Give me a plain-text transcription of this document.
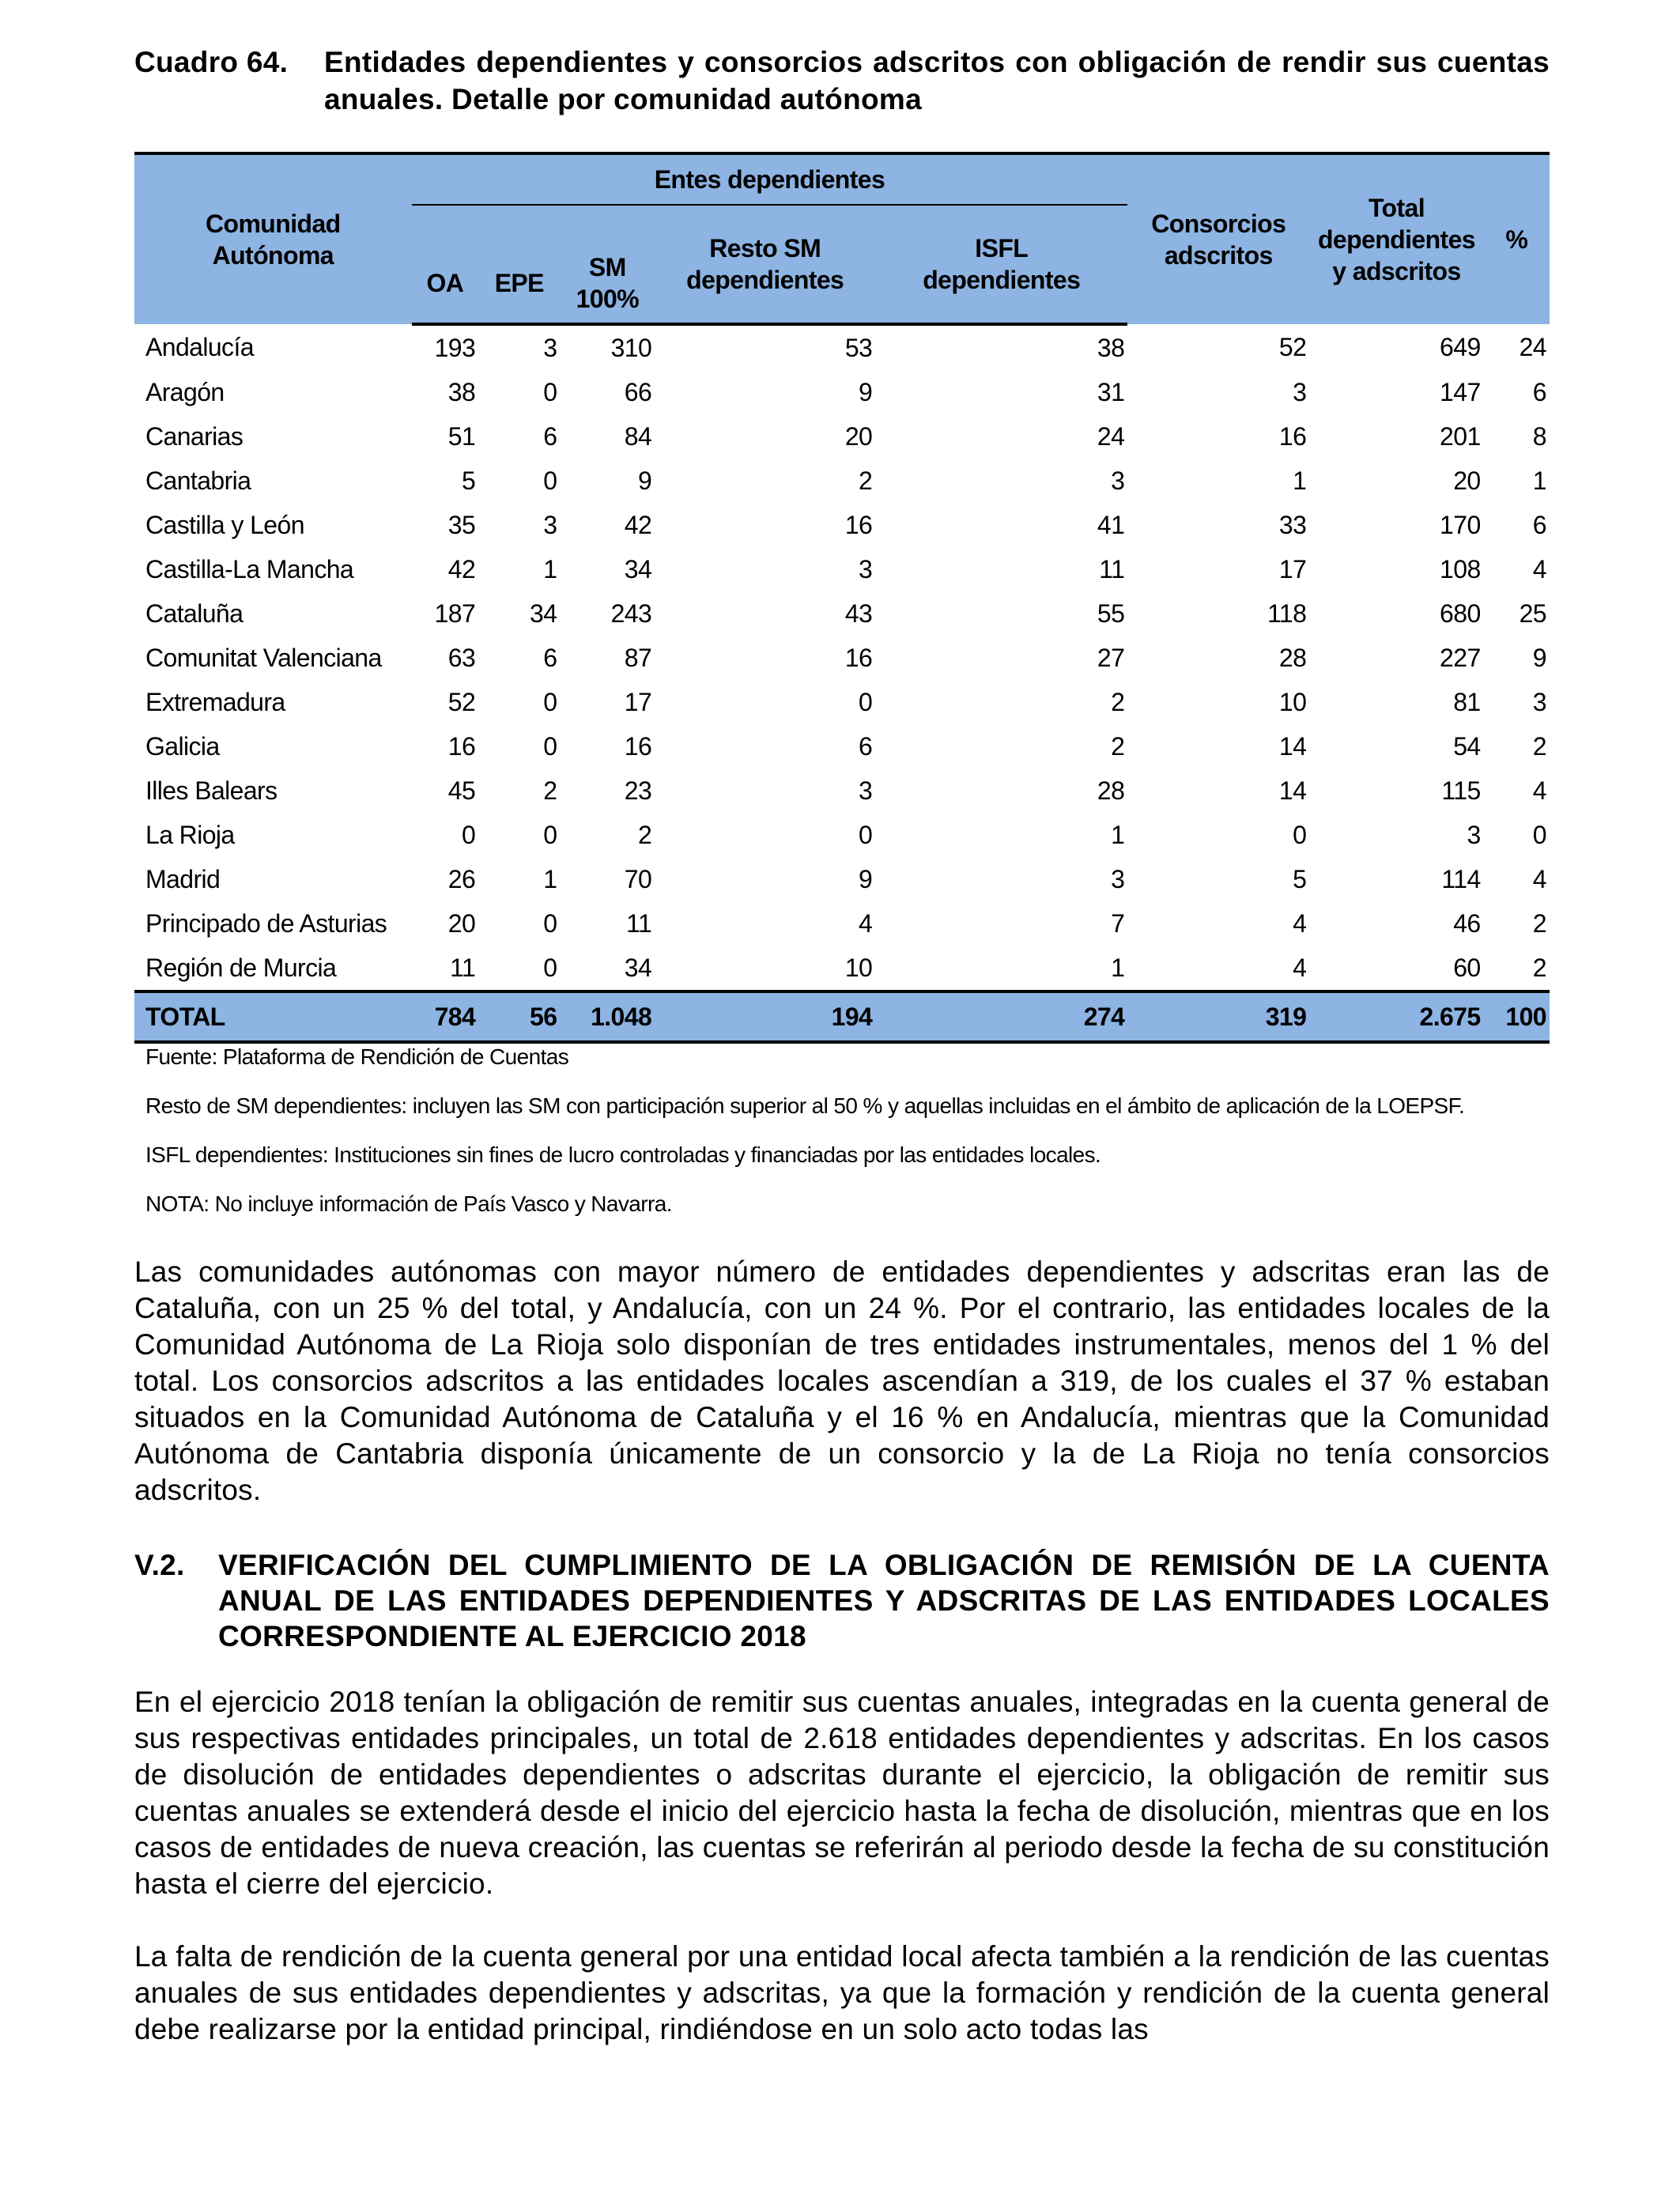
Cuadro 64.	Entidades dependientes y consorcios adscritos con obligación de rendir sus cuentas anuales. Detalle por comunidad autónoma
Comunidad Autónoma	Entes dependientes					Consorcios adscritos	Total dependientes y adscritos	%
	OA	EPE	SM 100%	Resto SM dependientes	ISFL dependientes			
Andalucía	193	3	310	53	38	52	649	24
Aragón	38	0	66	9	31	3	147	6
Canarias	51	6	84	20	24	16	201	8
Cantabria	5	0	9	2	3	1	20	1
Castilla y León	35	3	42	16	41	33	170	6
Castilla-La Mancha	42	1	34	3	11	17	108	4
Cataluña	187	34	243	43	55	118	680	25
Comunitat Valenciana	63	6	87	16	27	28	227	9
Extremadura	52	0	17	0	2	10	81	3
Galicia	16	0	16	6	2	14	54	2
Illes Balears	45	2	23	3	28	14	115	4
La Rioja	0	0	2	0	1	0	3	0
Madrid	26	1	70	9	3	5	114	4
Principado de Asturias	20	0	11	4	7	4	46	2
Región de Murcia	11	0	34	10	1	4	60	2
TOTAL	784	56	1.048	194	274	319	2.675	100
Fuente: Plataforma de Rendición de Cuentas
Resto de SM dependientes: incluyen las SM con participación superior al 50 % y aquellas incluidas en el ámbito de aplicación de la LOEPSF.
ISFL dependientes: Instituciones sin fines de lucro controladas y financiadas por las entidades locales.
NOTA: No incluye información de País Vasco y Navarra.
Las comunidades autónomas con mayor número de entidades dependientes y adscritas eran las de Cataluña, con un 25 % del total, y Andalucía, con un 24 %. Por el contrario, las entidades locales de la Comunidad Autónoma de La Rioja solo disponían de tres entidades instrumentales, menos del 1 % del total. Los consorcios adscritos a las entidades locales ascendían a 319, de los cuales el 37 % estaban situados en la Comunidad Autónoma de Cataluña y el 16 % en Andalucía, mientras que la Comunidad Autónoma de Cantabria disponía únicamente de un consorcio y la de La Rioja no tenía consorcios adscritos.
V.2.	VERIFICACIÓN DEL CUMPLIMIENTO DE LA OBLIGACIÓN DE REMISIÓN DE LA CUENTA ANUAL DE LAS ENTIDADES DEPENDIENTES Y ADSCRITAS DE LAS ENTIDADES LOCALES CORRESPONDIENTE AL EJERCICIO 2018
En el ejercicio 2018 tenían la obligación de remitir sus cuentas anuales, integradas en la cuenta general de sus respectivas entidades principales, un total de 2.618 entidades dependientes y adscritas. En los casos de disolución de entidades dependientes o adscritas durante el ejercicio, la obligación de remitir sus cuentas anuales se extenderá desde el inicio del ejercicio hasta la fecha de disolución, mientras que en los casos de entidades de nueva creación, las cuentas se referirán al periodo desde la fecha de su constitución hasta el cierre del ejercicio.
La falta de rendición de la cuenta general por una entidad local afecta también a la rendición de las cuentas anuales de sus entidades dependientes y adscritas, ya que la formación y rendición de la cuenta general debe realizarse por la entidad principal, rindiéndose en un solo acto todas las
